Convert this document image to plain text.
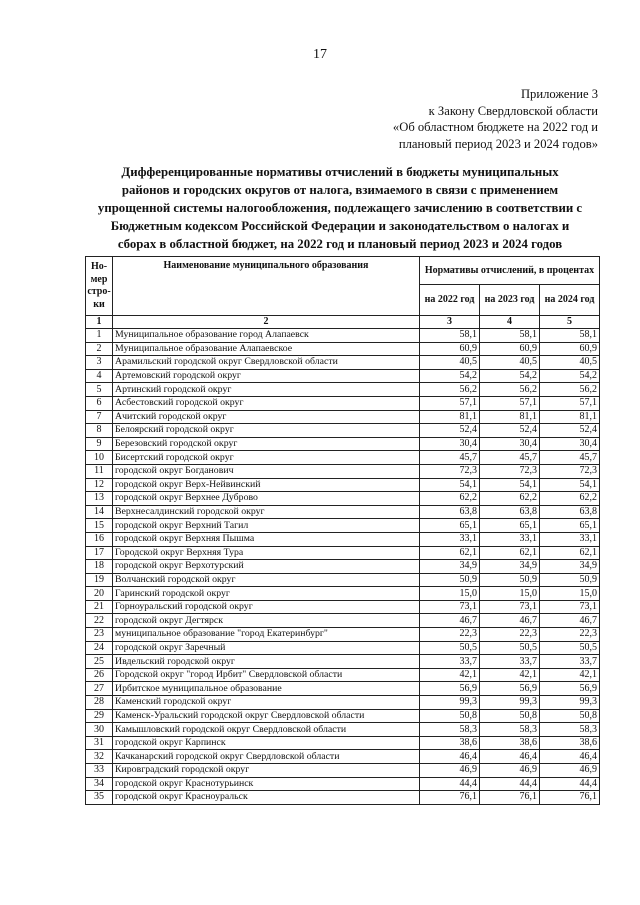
17
Приложение 3
к Закону Свердловской области
«Об областном бюджете на 2022 год и
плановый период 2023 и 2024 годов»
Дифференцированные нормативы отчислений в бюджеты муниципальных
районов и городских округов от налога, взимаемого в связи с применением
упрощенной системы налогообложения, подлежащего зачислению в соответствии с
Бюджетным кодексом Российской Федерации и законодательством о налогах и
сборах в областной бюджет, на 2022 год и плановый период 2023 и 2024 годов
Но- мер стро- ки	Наименование муниципального образования	Нормативы отчислений, в процентах		
		на 2022 год	на 2023 год	на 2024 год
1	2	3	4	5
1	Муниципальное образование город Алапаевск	58,1	58,1	58,1
2	Муниципальное образование Алапаевское	60,9	60,9	60,9
3	Арамильский городской округ Свердловской области	40,5	40,5	40,5
4	Артемовский городской округ	54,2	54,2	54,2
5	Артинский городской округ	56,2	56,2	56,2
6	Асбестовский городской округ	57,1	57,1	57,1
7	Ачитский городской округ	81,1	81,1	81,1
8	Белоярский городской округ	52,4	52,4	52,4
9	Березовский городской округ	30,4	30,4	30,4
10	Бисертский городской округ	45,7	45,7	45,7
11	городской округ Богданович	72,3	72,3	72,3
12	городской округ Верх-Нейвинский	54,1	54,1	54,1
13	городской округ Верхнее Дуброво	62,2	62,2	62,2
14	Верхнесалдинский городской округ	63,8	63,8	63,8
15	городской округ Верхний Тагил	65,1	65,1	65,1
16	городской округ Верхняя Пышма	33,1	33,1	33,1
17	Городской округ Верхняя Тура	62,1	62,1	62,1
18	городской округ Верхотурский	34,9	34,9	34,9
19	Волчанский городской округ	50,9	50,9	50,9
20	Гаринский городской округ	15,0	15,0	15,0
21	Горноуральский городской округ	73,1	73,1	73,1
22	городской округ Дегтярск	46,7	46,7	46,7
23	муниципальное образование "город Екатеринбург"	22,3	22,3	22,3
24	городской округ Заречный	50,5	50,5	50,5
25	Ивдельский городской округ	33,7	33,7	33,7
26	Городской округ "город Ирбит" Свердловской области	42,1	42,1	42,1
27	Ирбитское муниципальное образование	56,9	56,9	56,9
28	Каменский городской округ	99,3	99,3	99,3
29	Каменск-Уральский городской округ Свердловской области	50,8	50,8	50,8
30	Камышловский городской округ Свердловской области	58,3	58,3	58,3
31	городской округ Карпинск	38,6	38,6	38,6
32	Качканарский городской округ Свердловской области	46,4	46,4	46,4
33	Кировградский городской округ	46,9	46,9	46,9
34	городской округ Краснотурьинск	44,4	44,4	44,4
35	городской округ Красноуральск	76,1	76,1	76,1
